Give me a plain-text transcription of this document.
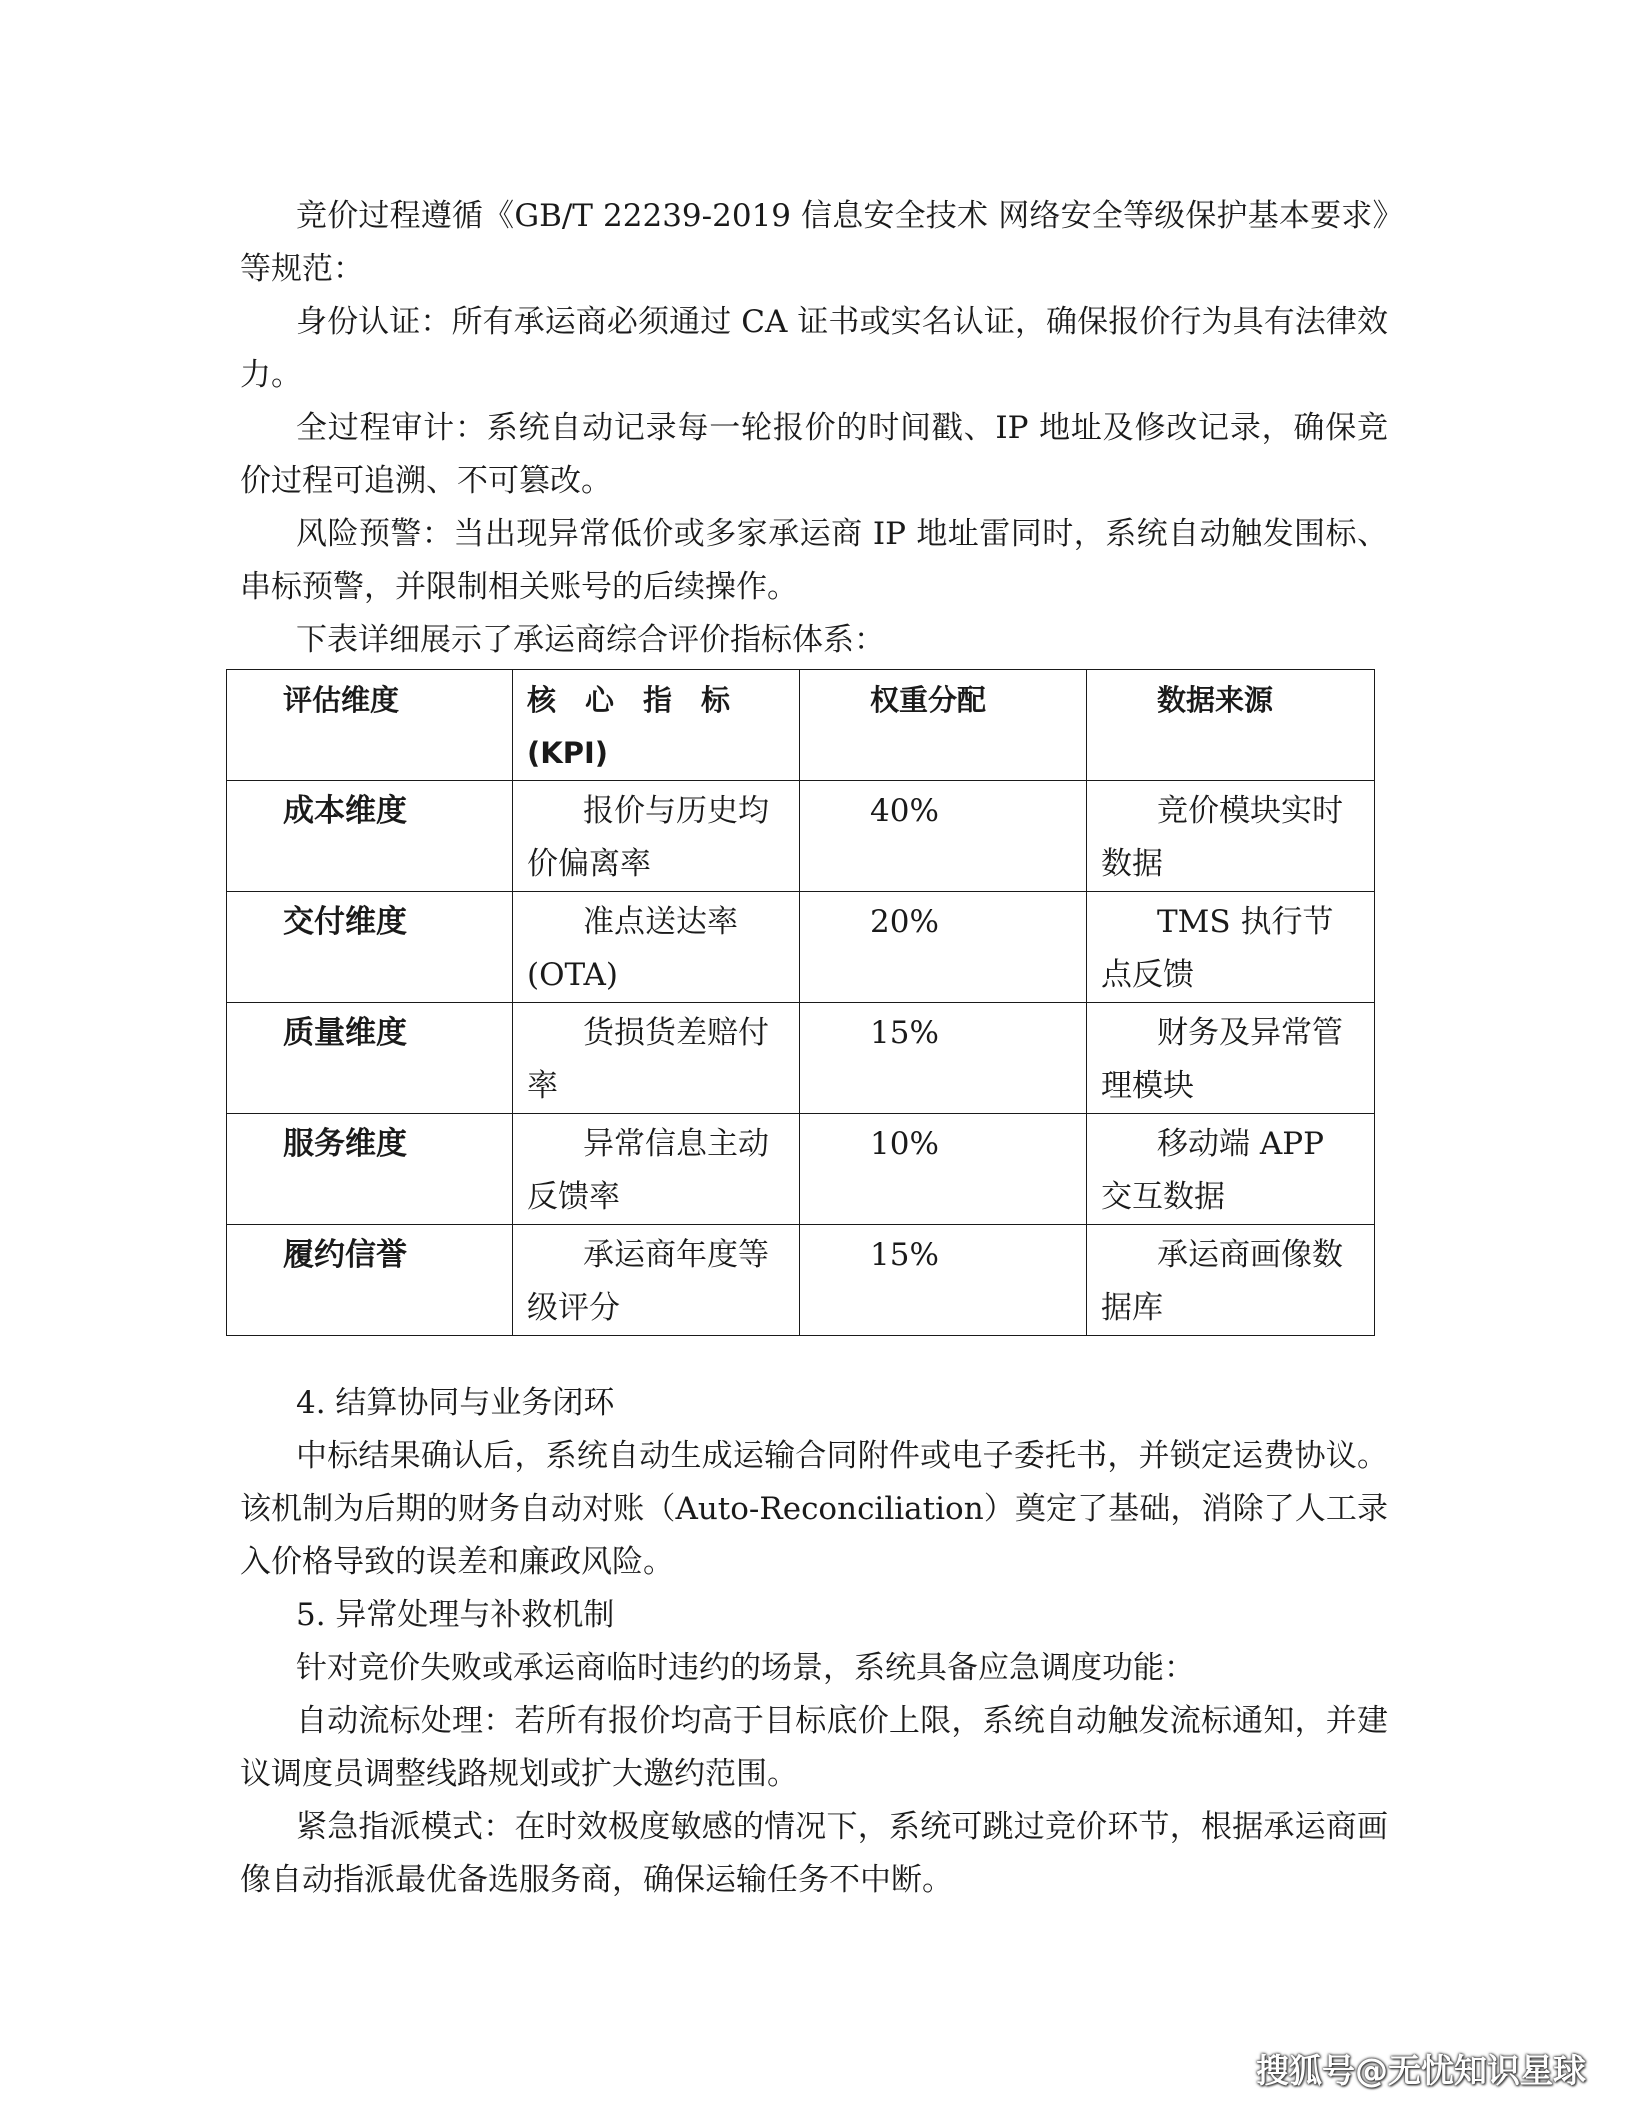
竞价过程遵循《GB/T 22239-2019 信息安全技术 网络安全等级保护基本要求》等规范：

身份认证：所有承运商必须通过 CA 证书或实名认证，确保报价行为具有法律效力。

全过程审计：系统自动记录每一轮报价的时间戳、IP 地址及修改记录，确保竞价过程可追溯、不可篡改。

风险预警：当出现异常低价或多家承运商 IP 地址雷同时，系统自动触发围标、串标预警，并限制相关账号的后续操作。

下表详细展示了承运商综合评价指标体系：

评估维度	核　心　指　标 (KPI)	权重分配	数据来源
成本维度	报价与历史均价偏离率	40%	竞价模块实时数据
交付维度	准点送达率 (OTA)	20%	TMS 执行节点反馈
质量维度	货损货差赔付率	15%	财务及异常管理模块
服务维度	异常信息主动反馈率	10%	移动端 APP 交互数据
履约信誉	承运商年度等级评分	15%	承运商画像数据库

4. 结算协同与业务闭环

中标结果确认后，系统自动生成运输合同附件或电子委托书，并锁定运费协议。该机制为后期的财务自动对账（Auto-Reconciliation）奠定了基础，消除了人工录入价格导致的误差和廉政风险。

5. 异常处理与补救机制

针对竞价失败或承运商临时违约的场景，系统具备应急调度功能：

自动流标处理：若所有报价均高于目标底价上限，系统自动触发流标通知，并建议调度员调整线路规划或扩大邀约范围。

紧急指派模式：在时效极度敏感的情况下，系统可跳过竞价环节，根据承运商画像自动指派最优备选服务商，确保运输任务不中断。

搜狐号@无忧知识星球
